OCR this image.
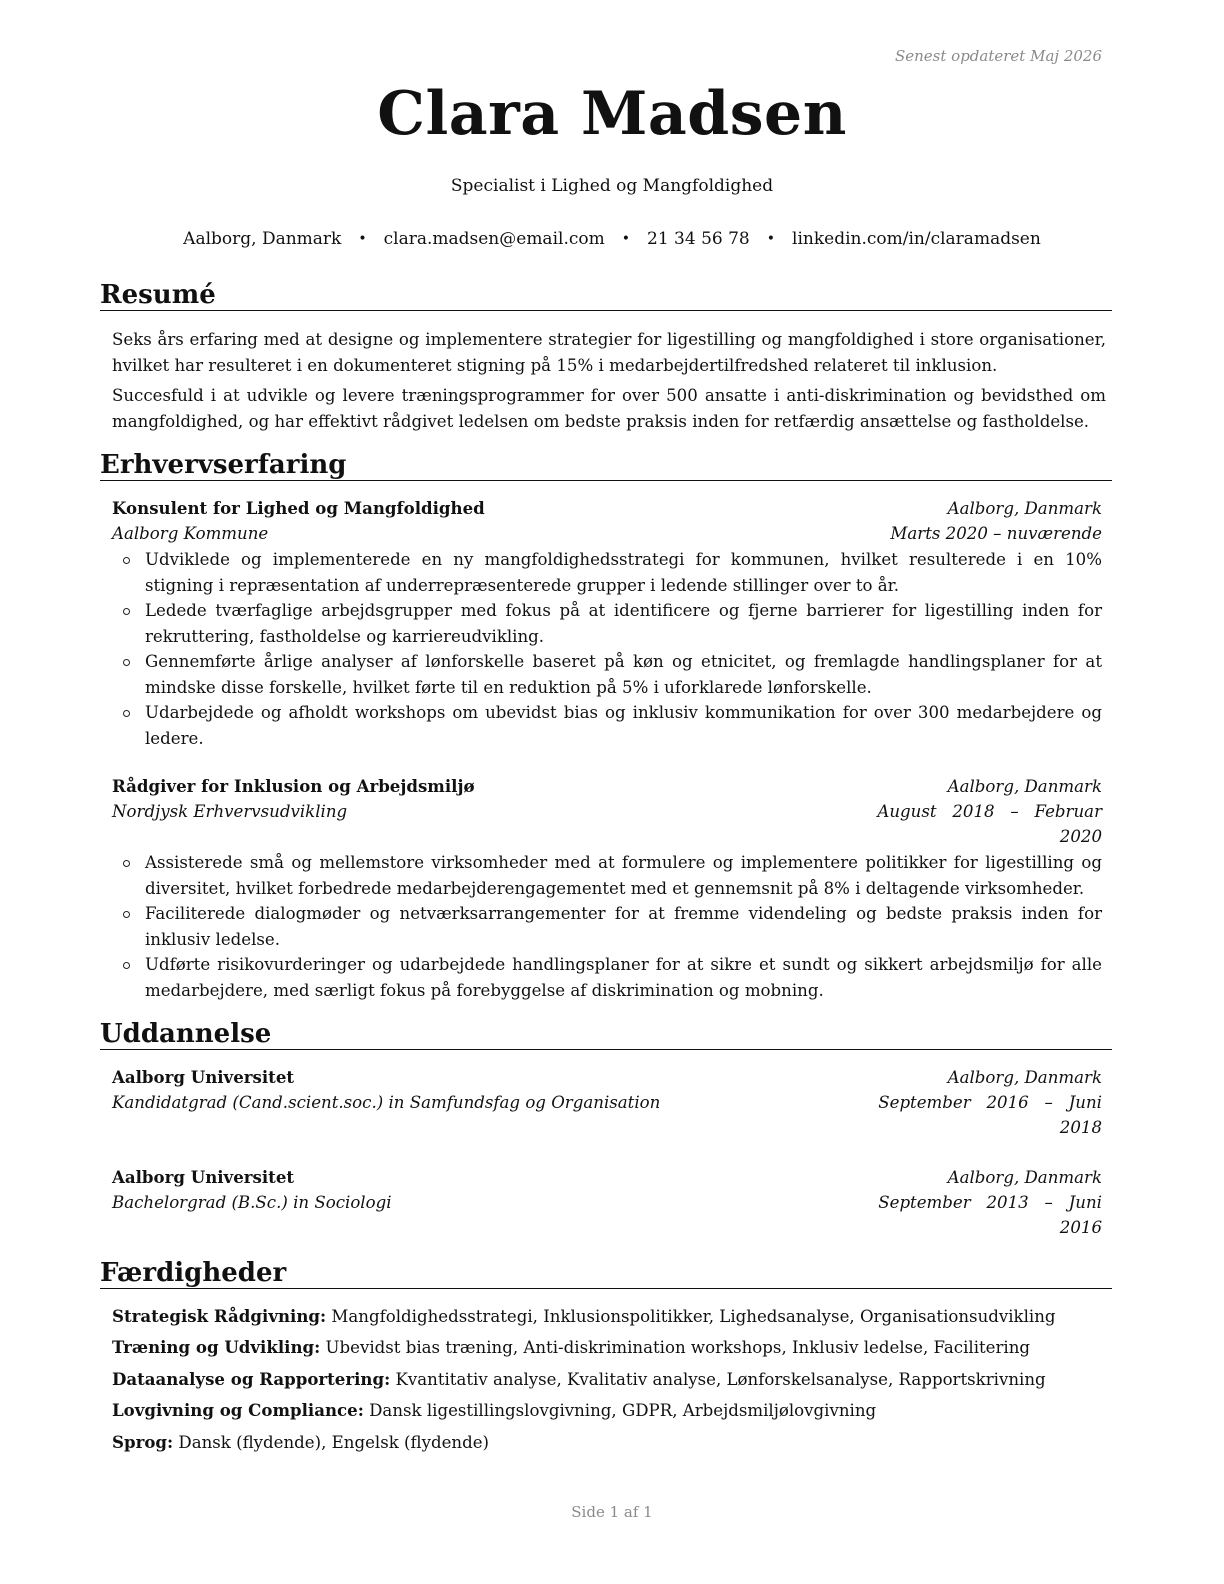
Senest opdateret Maj 2026
Clara Madsen
Specialist i Lighed og Mangfoldighed
Aalborg, Danmark • clara.madsen@email.com • 21 34 56 78 • linkedin.com/in/claramadsen
Resumé
Seks års erfaring med at designe og implementere strategier for ligestilling og mangfoldighed i store organisationer, hvilket har resulteret i en dokumenteret stigning på 15% i medarbejdertilfredshed relateret til inklusion.
Succesfuld i at udvikle og levere træningsprogrammer for over 500 ansatte i anti-diskrimination og bevidsthed om mangfoldighed, og har effektivt rådgivet ledelsen om bedste praksis inden for retfærdig ansættelse og fastholdelse.
Erhvervserfaring
Konsulent for Lighed og Mangfoldighed	Aalborg, Danmark
Aalborg Kommune	Marts 2020 – nuværende
Udviklede og implementerede en ny mangfoldighedsstrategi for kommunen, hvilket resulterede i en 10% stigning i repræsentation af underrepræsenterede grupper i ledende stillinger over to år.
Ledede tværfaglige arbejdsgrupper med fokus på at identificere og fjerne barrierer for ligestilling inden for rekruttering, fastholdelse og karriereudvikling.
Gennemførte årlige analyser af lønforskelle baseret på køn og etnicitet, og fremlagde handlingsplaner for at mindske disse forskelle, hvilket førte til en reduktion på 5% i uforklarede lønforskelle.
Udarbejdede og afholdt workshops om ubevidst bias og inklusiv kommunikation for over 300 medarbejdere og ledere.
Rådgiver for Inklusion og Arbejdsmiljø	Aalborg, Danmark
Nordjysk Erhvervsudvikling	August   2018   –   Februar
2020
Assisterede små og mellemstore virksomheder med at formulere og implementere politikker for ligestilling og diversitet, hvilket forbedrede medarbejderengagementet med et gennemsnit på 8% i deltagende virksomheder.
Faciliterede dialogmøder og netværksarrangementer for at fremme videndeling og bedste praksis inden for inklusiv ledelse.
Udførte risikovurderinger og udarbejdede handlingsplaner for at sikre et sundt og sikkert arbejdsmiljø for alle medarbejdere, med særligt fokus på forebyggelse af diskrimination og mobning.
Uddannelse
Aalborg Universitet	Aalborg, Danmark
Kandidatgrad (Cand.scient.soc.) in Samfundsfag og Organisation	September   2016   –   Juni
2018
Aalborg Universitet	Aalborg, Danmark
Bachelorgrad (B.Sc.) in Sociologi	September   2013   –   Juni
2016
Færdigheder
Strategisk Rådgivning: Mangfoldighedsstrategi, Inklusionspolitikker, Lighedsanalyse, Organisationsudvikling
Træning og Udvikling: Ubevidst bias træning, Anti-diskrimination workshops, Inklusiv ledelse, Facilitering
Dataanalyse og Rapportering: Kvantitativ analyse, Kvalitativ analyse, Lønforskelsanalyse, Rapportskrivning
Lovgivning og Compliance: Dansk ligestillingslovgivning, GDPR, Arbejdsmiljølovgivning
Sprog: Dansk (flydende), Engelsk (flydende)
Side 1 af 1
